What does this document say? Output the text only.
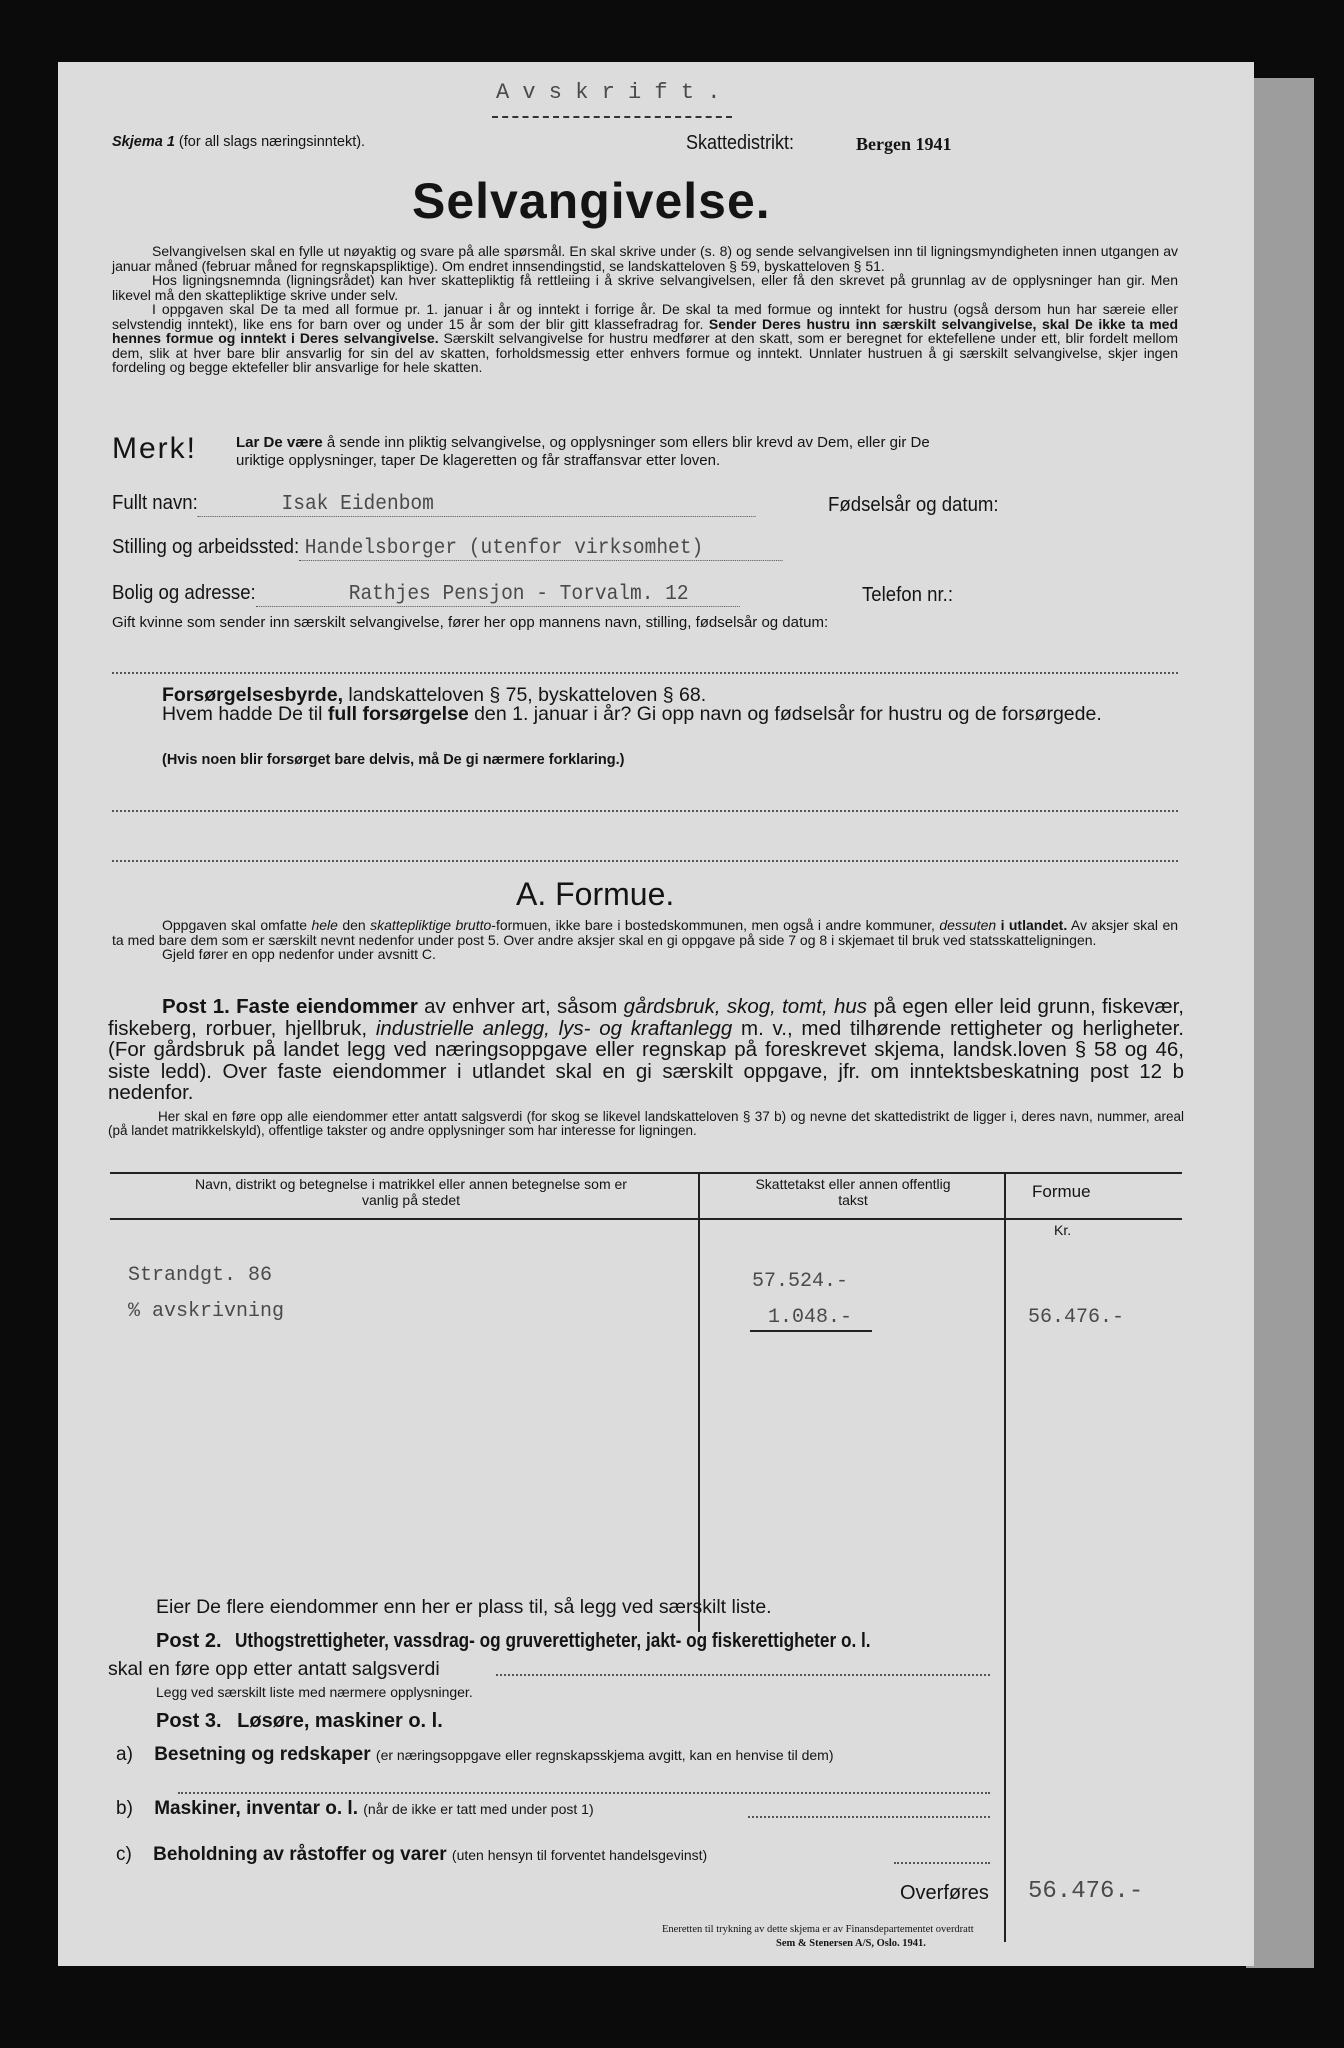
A v s k r i f t .
Skjema 1 (for all slags næringsinntekt).	Skattedistrikt:	Bergen 1941
Selvangivelse.
Selvangivelsen skal en fylle ut nøyaktig og svare på alle spørsmål. En skal skrive under (s. 8) og sende selvangivelsen inn til ligningsmyndigheten innen utgangen av januar måned (februar måned for regnskapspliktige). Om endret innsendingstid, se landskatteloven § 59, byskatteloven § 51.
Hos ligningsnemnda (ligningsrådet) kan hver skattepliktig få rettleiing i å skrive selvangivelsen, eller få den skrevet på grunnlag av de opplysninger han gir. Men likevel må den skattepliktige skrive under selv.
I oppgaven skal De ta med all formue pr. 1. januar i år og inntekt i forrige år. De skal ta med formue og inntekt for hustru (også dersom hun har særeie eller selvstendig inntekt), like ens for barn over og under 15 år som der blir gitt klassefradrag for. Sender Deres hustru inn særskilt selvangivelse, skal De ikke ta med hennes formue og inntekt i Deres selvangivelse. Særskilt selvangivelse for hustru medfører at den skatt, som er beregnet for ektefellene under ett, blir fordelt mellom dem, slik at hver bare blir ansvarlig for sin del av skatten, forholdsmessig etter enhvers formue og inntekt. Unnlater hustruen å gi særskilt selvangivelse, skjer ingen fordeling og begge ektefeller blir ansvarlige for hele skatten.
Merk!	Lar De være å sende inn pliktig selvangivelse, og opplysninger som ellers blir krevd av Dem, eller gir De
uriktige opplysninger, taper De klageretten og får straffansvar etter loven.
Fullt navn:	Isak Eidenbom	Fødselsår og datum:
Stilling og arbeidssted: Handelsborger (utenfor virksomhet)
Bolig og adresse:	Rathjes Pensjon - Torvalm. 12	Telefon nr.:
Gift kvinne som sender inn særskilt selvangivelse, fører her opp mannens navn, stilling, fødselsår og datum:
Forsørgelsesbyrde, landskatteloven § 75, byskatteloven § 68.
Hvem hadde De til full forsørgelse den 1. januar i år? Gi opp navn og fødselsår for hustru og de forsørgede.
(Hvis noen blir forsørget bare delvis, må De gi nærmere forklaring.)
A. Formue.
Oppgaven skal omfatte hele den skattepliktige brutto-formuen, ikke bare i bostedskommunen, men også i andre kommuner, dessuten i utlandet. Av aksjer skal en ta med bare dem som er særskilt nevnt nedenfor under post 5. Over andre aksjer skal en gi oppgave på side 7 og 8 i skjemaet til bruk ved statsskatteligningen.
Gjeld fører en opp nedenfor under avsnitt C.
Post 1. Faste eiendommer av enhver art, såsom gårdsbruk, skog, tomt, hus på egen eller leid grunn, fiskevær, fiskeberg, rorbuer, hjellbruk, industrielle anlegg, lys- og kraftanlegg m. v., med tilhørende rettigheter og herligheter. (For gårdsbruk på landet legg ved næringsoppgave eller regnskap på foreskrevet skjema, landsk.loven § 58 og 46, siste ledd). Over faste eiendommer i utlandet skal en gi særskilt oppgave, jfr. om inntektsbeskatning post 12 b nedenfor.
Her skal en føre opp alle eiendommer etter antatt salgsverdi (for skog se likevel landskatteloven § 37 b) og nevne det skattedistrikt de ligger i, deres navn, nummer, areal (på landet matrikkelskyld), offentlige takster og andre opplysninger som har interesse for ligningen.
Navn, distrikt og betegnelse i matrikkel eller annen betegnelse som er vanlig på stedet
Skattetakst eller annen offentlig takst	Formue
Kr.
Strandgt. 86	57.524.-
% avskrivning	1.048.-	56.476.-
Eier De flere eiendommer enn her er plass til, så legg ved særskilt liste.
Post 2. Uthogstrettigheter, vassdrag- og gruverettigheter, jakt- og fiskerettigheter o. l.
skal en føre opp etter antatt salgsverdi
Legg ved særskilt liste med nærmere opplysninger.
Post 3. Løsøre, maskiner o. l.
a) Besetning og redskaper (er næringsoppgave eller regnskapsskjema avgitt, kan en henvise til dem)
b) Maskiner, inventar o. l. (når de ikke er tatt med under post 1)
c) Beholdning av råstoffer og varer (uten hensyn til forventet handelsgevinst)
Overføres 56.476.-
Eneretten til trykning av dette skjema er av Finansdepartementet overdratt
Sem & Stenersen A/S, Oslo. 1941.
